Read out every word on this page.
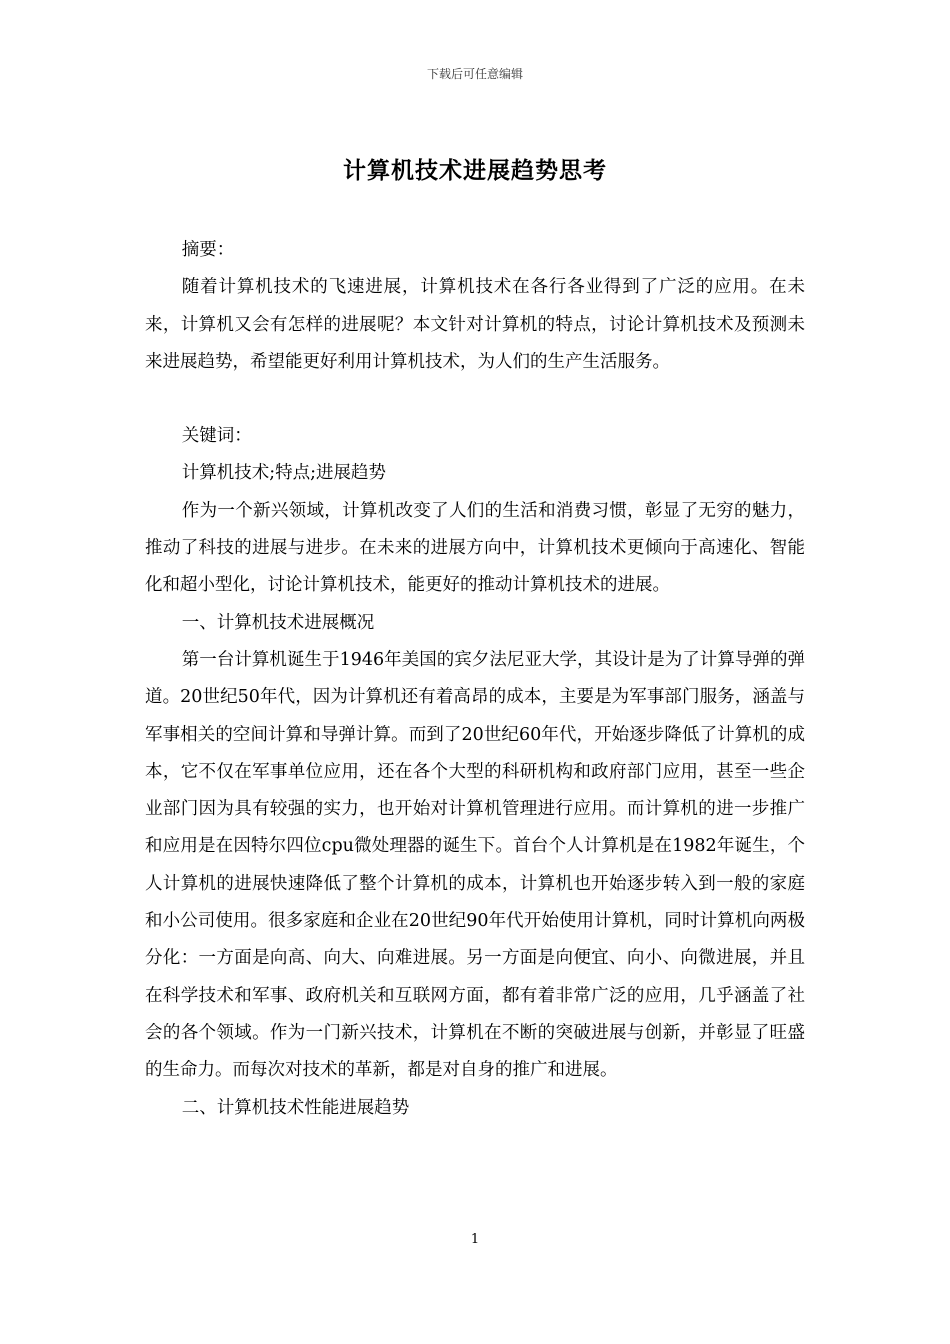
下载后可任意编辑
计算机技术进展趋势思考

摘要：

随着计算机技术的飞速进展，计算机技术在各行各业得到了广泛的应用。在未来，计算机又会有怎样的进展呢？本文针对计算机的特点，讨论计算机技术及预测未来进展趋势，希望能更好利用计算机技术，为人们的生产生活服务。

关键词：

计算机技术;特点;进展趋势

作为一个新兴领域，计算机改变了人们的生活和消费习惯，彰显了无穷的魅力，推动了科技的进展与进步。在未来的进展方向中，计算机技术更倾向于高速化、智能化和超小型化，讨论计算机技术，能更好的推动计算机技术的进展。

一、计算机技术进展概况

第一台计算机诞生于1946年美国的宾夕法尼亚大学，其设计是为了计算导弹的弹道。20世纪50年代，因为计算机还有着高昂的成本，主要是为军事部门服务，涵盖与军事相关的空间计算和导弹计算。而到了20世纪60年代，开始逐步降低了计算机的成本，它不仅在军事单位应用，还在各个大型的科研机构和政府部门应用，甚至一些企业部门因为具有较强的实力，也开始对计算机管理进行应用。而计算机的进一步推广和应用是在因特尔四位cpu微处理器的诞生下。首台个人计算机是在1982年诞生，个人计算机的进展快速降低了整个计算机的成本，计算机也开始逐步转入到一般的家庭和小公司使用。很多家庭和企业在20世纪90年代开始使用计算机，同时计算机向两极分化：一方面是向高、向大、向难进展。另一方面是向便宜、向小、向微进展，并且在科学技术和军事、政府机关和互联网方面，都有着非常广泛的应用，几乎涵盖了社会的各个领域。作为一门新兴技术，计算机在不断的突破进展与创新，并彰显了旺盛的生命力。而每次对技术的革新，都是对自身的推广和进展。

二、计算机技术性能进展趋势

1
